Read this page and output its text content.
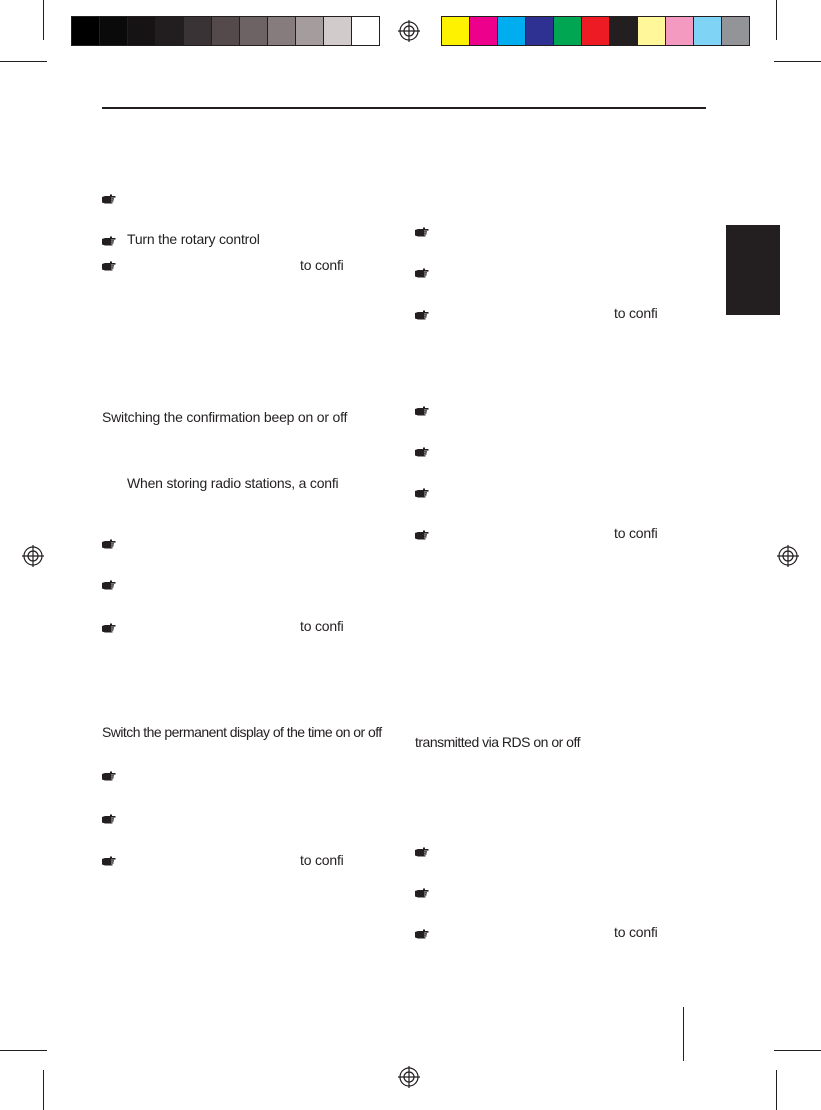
Turn the rotary control
to confi
Switching the confirmation beep on or off
When storing radio stations, a confi
to confi
Switch the permanent display of the time on or off
to confi
to confi
to confi
transmitted via RDS on or off
to confi
